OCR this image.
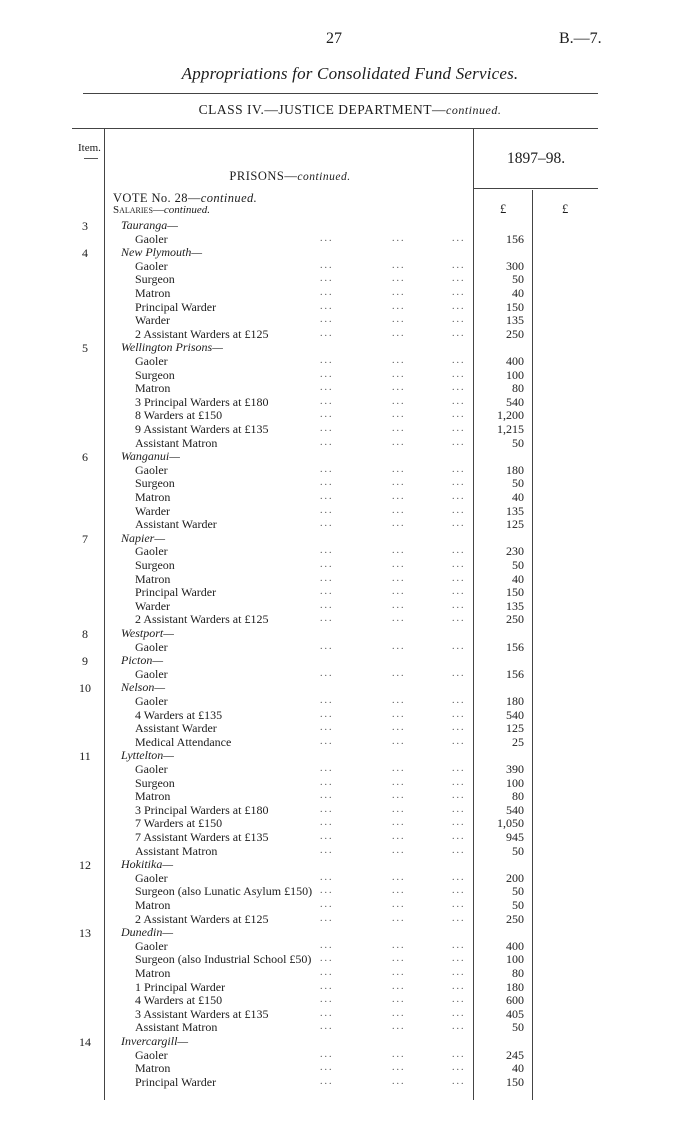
27	B.—7.
Appropriations for Consolidated Fund Services.
CLASS IV.—JUSTICE DEPARTMENT—continued.
Item.
1897–98.
PRISONS—continued.
VOTE No. 28—continued.
Salaries—continued.	£	£
3	Tauranga—
Gaoler	...	...	...	156
4	New Plymouth—
Gaoler	...	...	...	300
Surgeon	...	...	...	50
Matron	...	...	...	40
Principal Warder	...	...	...	150
Warder	...	...	...	135
2 Assistant Warders at £125	...	...	...	250
5	Wellington Prisons—
Gaoler	...	...	...	400
Surgeon	...	...	...	100
Matron	...	...	...	80
3 Principal Warders at £180	...	...	...	540
8 Warders at £150	...	...	...	1,200
9 Assistant Warders at £135	...	...	...	1,215
Assistant Matron	...	...	...	50
6	Wanganui—
Gaoler	...	...	...	180
Surgeon	...	...	...	50
Matron	...	...	...	40
Warder	...	...	...	135
Assistant Warder	...	...	...	125
7	Napier—
Gaoler	...	...	...	230
Surgeon	...	...	...	50
Matron	...	...	...	40
Principal Warder	...	...	...	150
Warder	...	...	...	135
2 Assistant Warders at £125	...	...	...	250
8	Westport—
Gaoler	...	...	...	156
9	Picton—
Gaoler	...	...	...	156
10	Nelson—
Gaoler	...	...	...	180
4 Warders at £135	...	...	...	540
Assistant Warder	...	...	...	125
Medical Attendance	...	...	...	25
11	Lyttelton—
Gaoler	...	...	...	390
Surgeon	...	...	...	100
Matron	...	...	...	80
3 Principal Warders at £180	...	...	...	540
7 Warders at £150	...	...	...	1,050
7 Assistant Warders at £135	...	...	...	945
Assistant Matron	...	...	...	50
12	Hokitika—
Gaoler	...	...	...	200
Surgeon (also Lunatic Asylum £150) ...	...	...	50
Matron	...	...	...	50
2 Assistant Warders at £125	...	...	...	250
13	Dunedin—
Gaoler	...	...	...	400
Surgeon (also Industrial School £50) ...	...	...	100
Matron	...	...	...	80
1 Principal Warder	...	...	...	180
4 Warders at £150	...	...	...	600
3 Assistant Warders at £135	...	...	...	405
Assistant Matron	...	...	...	50
14	Invercargill—
Gaoler	...	...	...	245
Matron	...	...	...	40
Principal Warder	...	...	...	150
